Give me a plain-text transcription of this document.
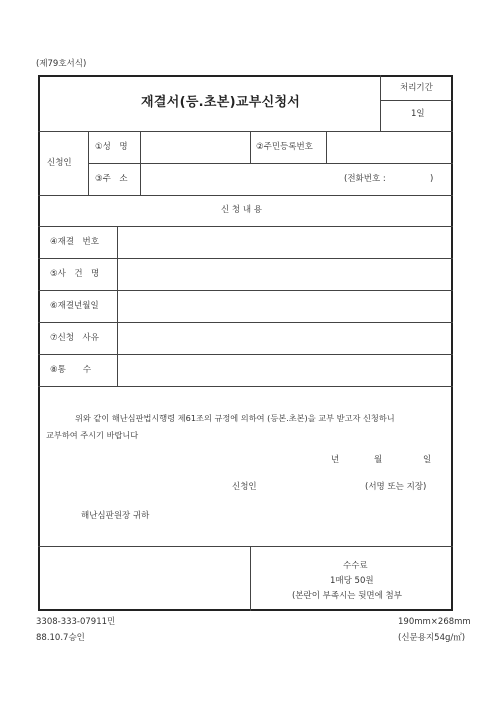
(제79호서식)
재결서(등.초본)교부신청서
처리기간
1일
신청인
①성　명	②주민등록번호
③주　소	(전화번호 :	)
신 청 내 용
④재결　번호
⑤사　건　명
⑥재결년월일
⑦신청　사유
⑧통　　수
위와 같이 해난심판법시행령 제61조의 규정에 의하여 (등본.초본)을 교부 받고자 신청하니
교부하여 주시기 바랍니다
년	월	일
신청인	(서명 또는 지장)
해난심판원장 귀하
수수료
1매당 50원
(본란이 부족시는 뒷면에 첨부
3308-333-07911민
88.10.7승인
190mm×268mm
(신문용지54g/㎡)
